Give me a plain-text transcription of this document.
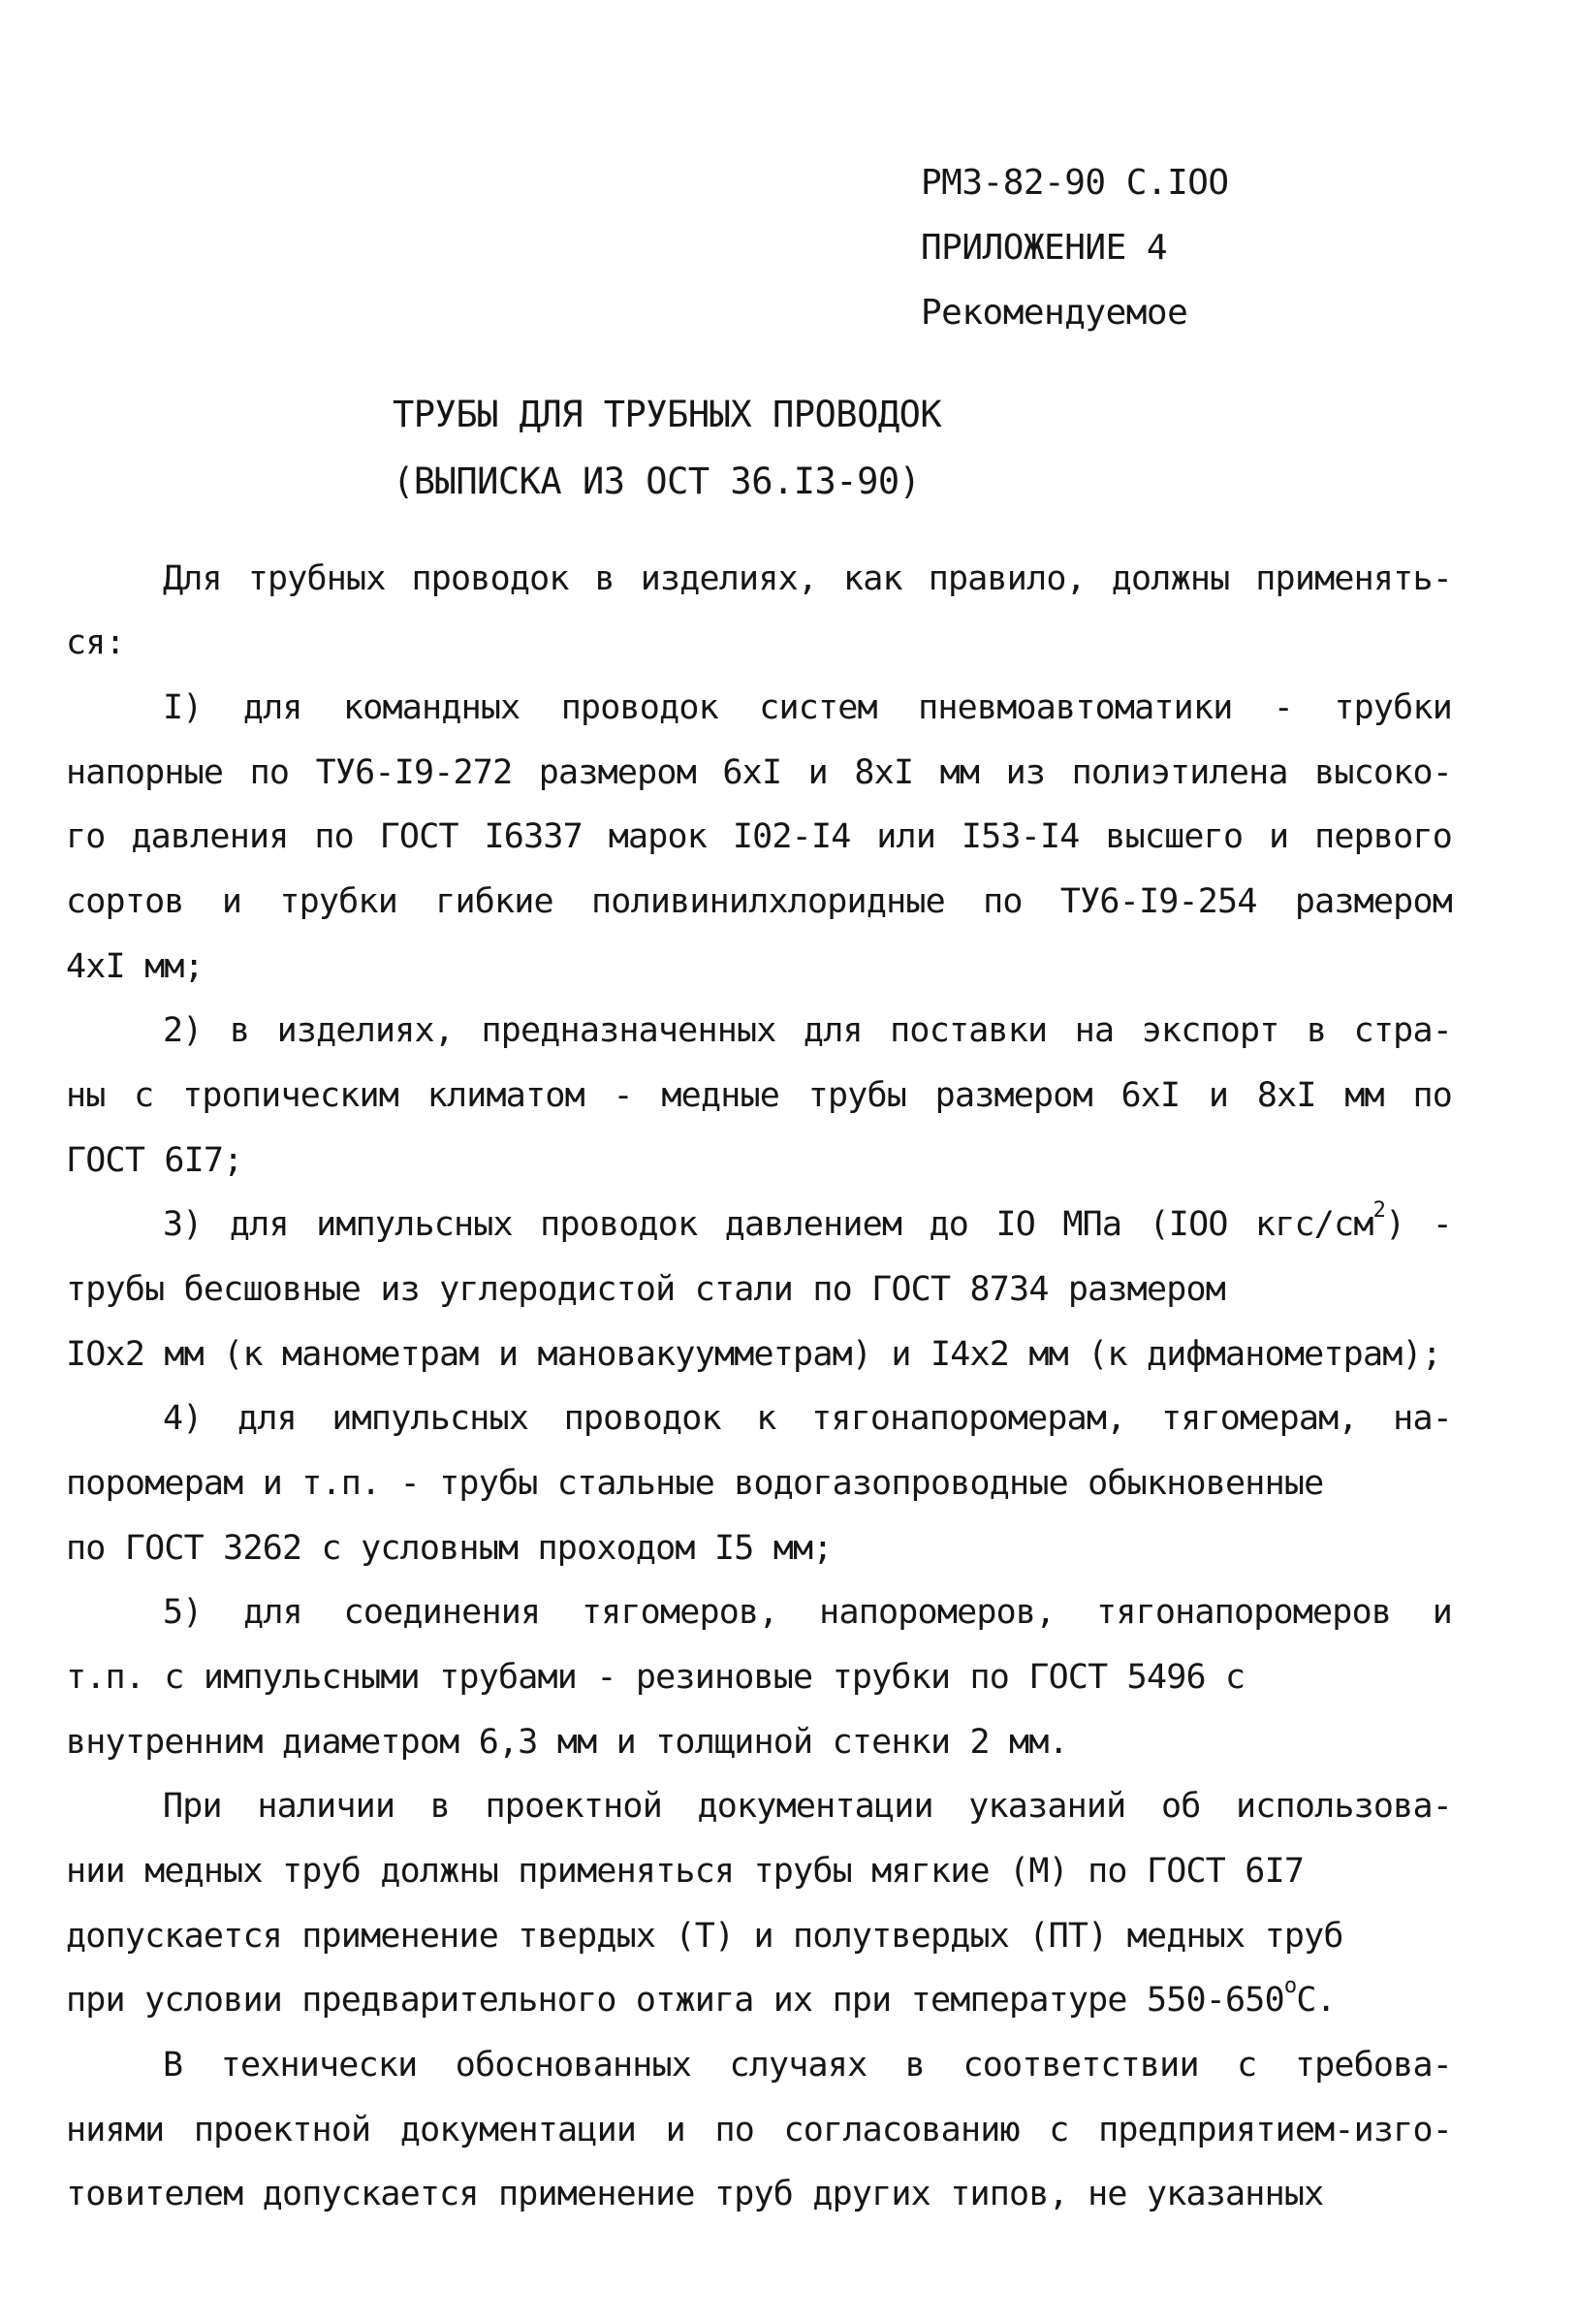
РМ3-82-90 С.IOO
ПРИЛОЖЕНИЕ 4
Рекомендуемое
ТРУБЫ ДЛЯ ТРУБНЫХ ПРОВОДОК
(ВЫПИСКА ИЗ ОСТ 36.I3-90)
Для трубных проводок в изделиях, как правило, должны применять-
ся:
I) для командных проводок систем пневмоавтоматики - трубки
напорные по ТУ6-I9-272 размером 6хI и 8хI мм из полиэтилена высоко-
го давления по ГОСТ I6337 марок I02-I4 или I53-I4 высшего и первого
сортов и трубки гибкие поливинилхлоридные по ТУ6-I9-254 размером
4хI мм;
2) в изделиях, предназначенных для поставки на экспорт в стра-
ны с тропическим климатом - медные трубы размером 6хI и 8хI мм по
ГОСТ 6I7;
3) для импульсных проводок давлением до IO МПа (IOO кгс/$см^2$) -
трубы бесшовные из углеродистой стали по ГОСТ 8734 размером
IOх2 мм (к манометрам и мановакуумметрам) и I4х2 мм (к дифманометрам);
4) для импульсных проводок к тягонапоромерам, тягомерам, на-
поромерам и т.п. - трубы стальные водогазопроводные обыкновенные
по ГОСТ 3262 с условным проходом I5 мм;
5) для соединения тягомеров, напоромеров, тягонапоромеров и
т.п. с импульсными трубами - резиновые трубки по ГОСТ 5496 с
внутренним диаметром 6,3 мм и толщиной стенки 2 мм.
При наличии в проектной документации указаний об использова-
нии медных труб должны применяться трубы мягкие (М) по ГОСТ 6I7
допускается применение твердых (Т) и полутвердых (ПТ) медных труб
при условии предварительного отжига их при температуре $550-650^оС$.
В технически обоснованных случаях в соответствии с требова-
ниями проектной документации и по согласованию с предприятием-изго-
товителем допускается применение труб других типов, не указанных
